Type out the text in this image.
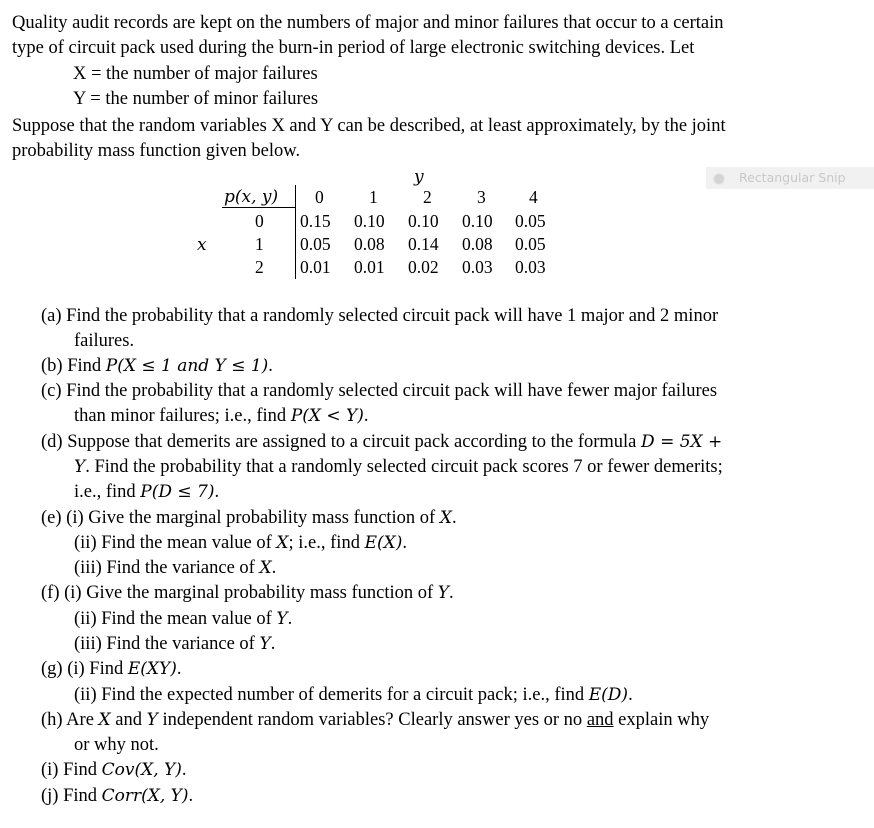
Quality audit records are kept on the numbers of major and minor failures that occur to a certain
type of circuit pack used during the burn-in period of large electronic switching devices. Let
X = the number of major failures
Y = the number of minor failures
Suppose that the random variables X and Y can be described, at least approximately, by the joint
probability mass function given below.
Rectangular Snip
y
p(x, y) 0	1	2	3 4
x
0 0.15 0.10 0.10 0.10 0.05
1 0.05 0.08 0.14 0.08 0.05
2 0.01 0.01 0.02 0.03 0.03
(a) Find the probability that a randomly selected circuit pack will have 1 major and 2 minor
failures.
(b) Find P(X ≤ 1 and Y ≤ 1).
(c) Find the probability that a randomly selected circuit pack will have fewer major failures
than minor failures; i.e., find P(X < Y).
(d) Suppose that demerits are assigned to a circuit pack according to the formula D = 5X +
Y. Find the probability that a randomly selected circuit pack scores 7 or fewer demerits;
i.e., find P(D ≤ 7).
(e) (i) Give the marginal probability mass function of X.
(ii) Find the mean value of X; i.e., find E(X).
(iii) Find the variance of X.
(f) (i) Give the marginal probability mass function of Y.
(ii) Find the mean value of Y.
(iii) Find the variance of Y.
(g) (i) Find E(XY).
(ii) Find the expected number of demerits for a circuit pack; i.e., find E(D).
(h) Are X and Y independent random variables? Clearly answer yes or no and explain why
or why not.
(i) Find Cov(X, Y).
(j) Find Corr(X, Y).
